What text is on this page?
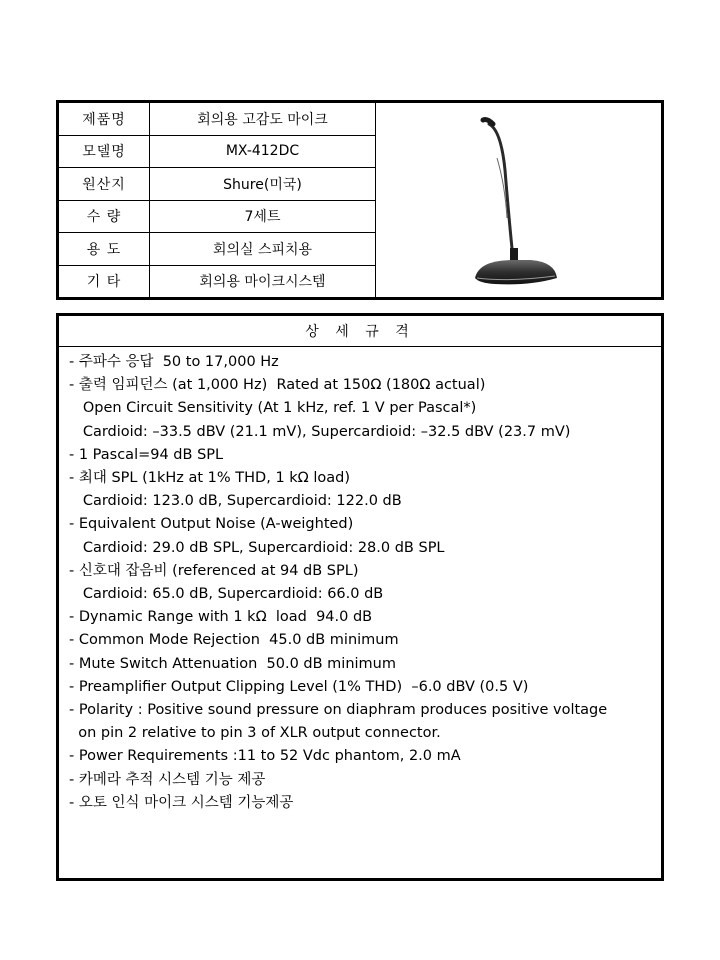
제품명	회의용 고감도 마이크
모델명	MX-412DC
원산지	Shure(미국)
수 량	7세트
용 도	회의실 스피치용
기 타	회의용 마이크시스템
상 세 규 격
- 주파수 응답  50 to 17,000 Hz
- 출력 임피던스 (at 1,000 Hz)  Rated at 150Ω (180Ω actual)
Open Circuit Sensitivity (At 1 kHz, ref. 1 V per Pascal*)
Cardioid: –33.5 dBV (21.1 mV), Supercardioid: –32.5 dBV (23.7 mV)
- 1 Pascal=94 dB SPL
- 최대 SPL (1kHz at 1% THD, 1 kΩ load)
Cardioid: 123.0 dB, Supercardioid: 122.0 dB
- Equivalent Output Noise (A-weighted)
Cardioid: 29.0 dB SPL, Supercardioid: 28.0 dB SPL
- 신호대 잡음비 (referenced at 94 dB SPL)
Cardioid: 65.0 dB, Supercardioid: 66.0 dB
- Dynamic Range with 1 kΩ  load  94.0 dB
- Common Mode Rejection  45.0 dB minimum
- Mute Switch Attenuation  50.0 dB minimum
- Preamplifier Output Clipping Level (1% THD)  –6.0 dBV (0.5 V)
- Polarity : Positive sound pressure on diaphram produces positive voltage
on pin 2 relative to pin 3 of XLR output connector.
- Power Requirements :11 to 52 Vdc phantom, 2.0 mA
- 카메라 추적 시스템 기능 제공
- 오토 인식 마이크 시스템 기능제공
